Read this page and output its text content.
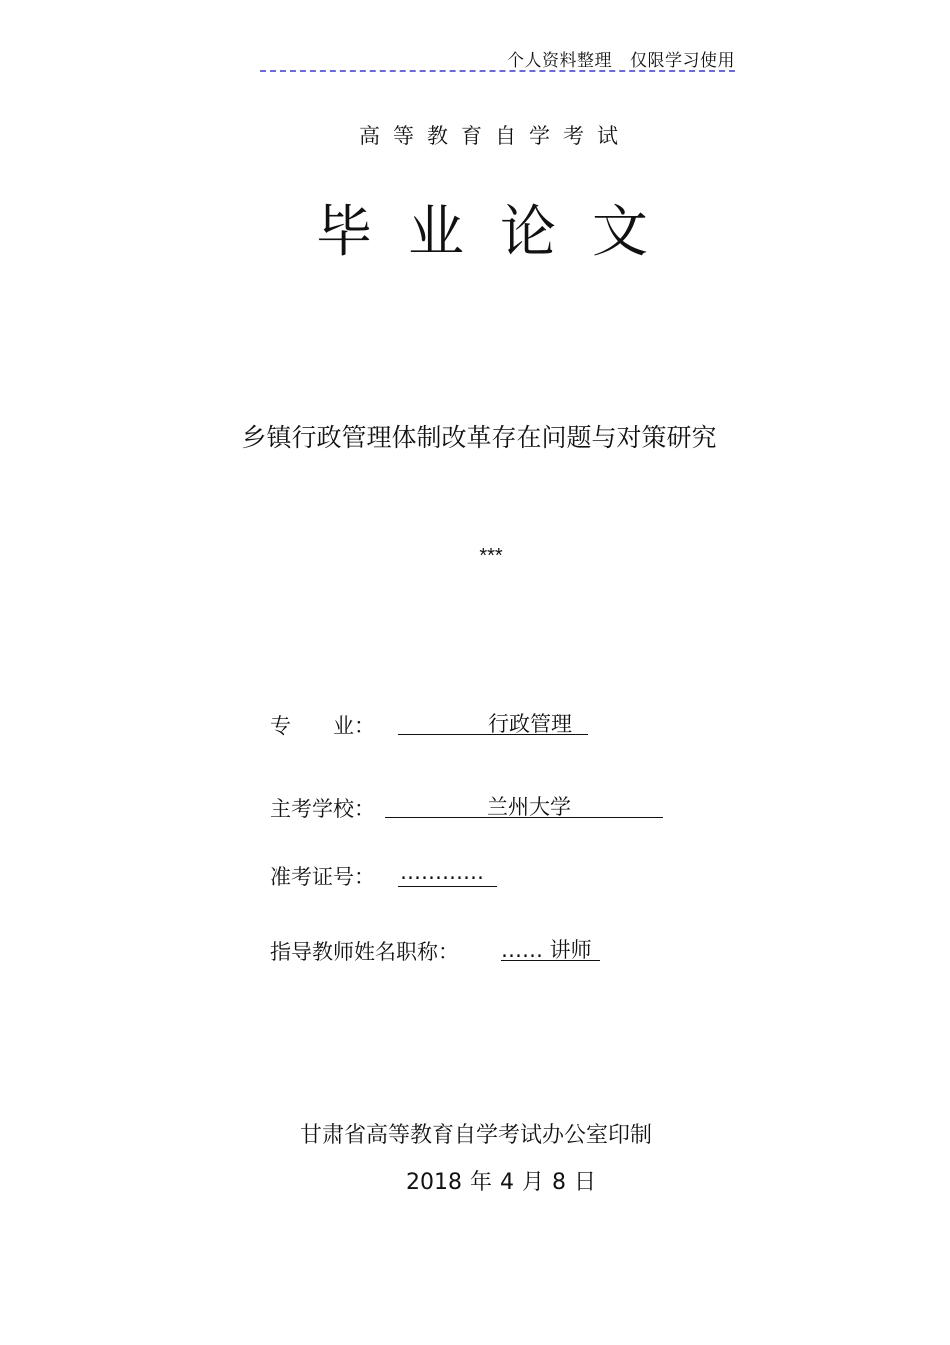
个人资料整理 仅限学习使用
高等教育自学考试
毕业论文
乡镇行政管理体制改革存在问题与对策研究
***
专　　业：	行政管理
主考学校：	兰州大学
准考证号： …………
指导教师姓名职称： …… 讲师
甘肃省高等教育自学考试办公室印制
2018 年 4 月 8 日
